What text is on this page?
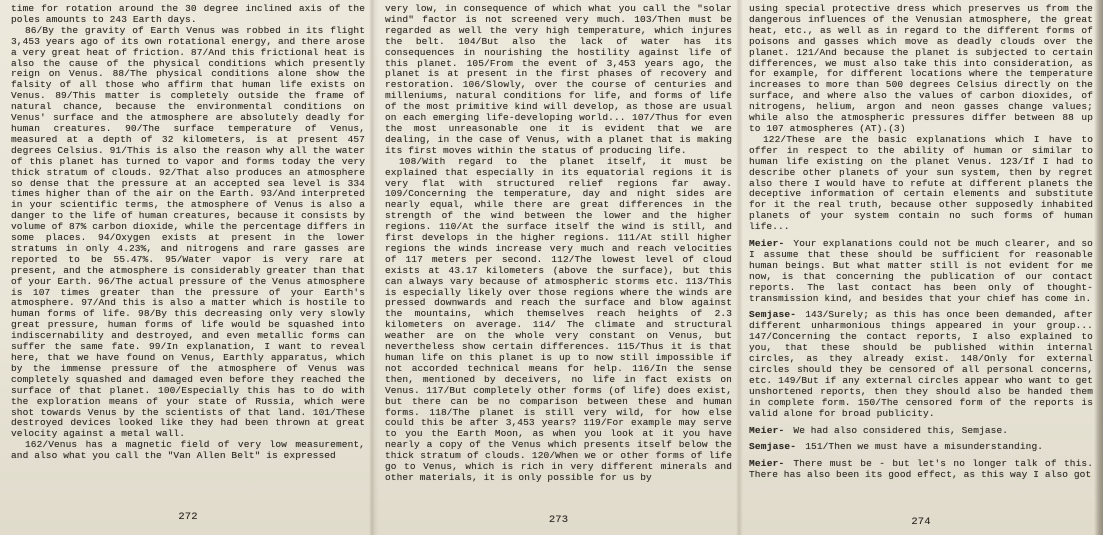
time for rotation around the 30 degree inclined axis of the poles amounts to 243 Earth days.

86/By the gravity of Earth Venus was robbed in its flight 3,453 years ago of its own rotational energy, and there arose a very great heat of friction. 87/And this frictional heat is also the cause of the physical conditions which presently reign on Venus. 88/The physical conditions alone show the falsity of all those who affirm that human life exists on Venus. 89/This matter is completely outside the frame of natural chance, because the environmental conditions on Venus' surface and the atmosphere are absolutely deadly for human creatures. 90/The surface temperature of Venus, measured at a depth of 32 kilometers, is at present 457 degrees Celsius. 91/This is also the reason why all the water of this planet has turned to vapor and forms today the very thick stratum of clouds. 92/That also produces an atmosphere so dense that the pressure at an accepted sea level is 334 times higher than of the air on the Earth. 93/And interpreted in your scientific terms, the atmosphere of Venus is also a danger to the life of human creatures, because it consists by volume of 87% carbon dioxide, while the percentage differs in some places. 94/Oxygen exists at present in the lower stratums in only 4.23%, and nitrogens and rare gasses are reported to be 55.47%. 95/Water vapor is very rare at present, and the atmosphere is considerably greater than that of your Earth. 96/The actual pressure of the Venus atmosphere is 107 times greater than the pressure of your Earth's atmosphere. 97/And this is also a matter which is hostile to human forms of life. 98/By this decreasing only very slowly great pressure, human forms of life would be squashed into indiscernability and destroyed, and even metallic forms can suffer the same fate. 99/In explanation, I want to reveal here, that we have found on Venus, Earthly apparatus, which by the immense pressure of the atmosphere of Venus was completely squashed and damaged even before they reached the surface of that planet. 100/Especially this has to do with the exploration means of your state of Russia, which were shot towards Venus by the scientists of that land. 101/These destroyed devices looked like they had been thrown at great velocity against a metal wall.

162/Venus has a magnetic field of very low measurement, and also what you call the "Van Allen Belt" is expressed

272

very low, in consequence of which what you call the "solar wind" factor is not screened very much. 103/Then must be regarded as well the very high temperature, which injures the belt. 104/But also the lack of water has its consequences in nourishing the hostility against life of this planet. 105/From the event of 3,453 years ago, the planet is at present in the first phases of recovery and restoration. 106/Slowly, over the course of centuries and milleniums, natural conditions for life, and forms of life of the most primitive kind will develop, as those are usual on each emerging life-developing world... 107/Thus for even the most unreasonable one it is evident that we are dealing, in the case of Venus, with a planet that is making its first moves within the status of producing life.

108/With regard to the planet itself, it must be explained that especially in its equatorial regions it is very flat with structured relief regions far away. 109/Concerning the temperature, day and night sides are nearly equal, while there are great differences in the strength of the wind between the lower and the higher regions. 110/At the surface itself the wind is still, and first develops in the higher regions. 111/At still higher regions the winds increase very much and reach velocities of 117 meters per second. 112/The lowest level of cloud exists at 43.17 kilometers (above the surface), but this can always vary because of atmospheric storms etc. 113/This is especially likely over those regions where the winds are pressed downwards and reach the surface and blow against the mountains, which themselves reach heights of 2.3 kilometers on average. 114/ The climate and structural weather are on the whole very constant on Venus, but nevertheless show certain differences. 115/Thus it is that human life on this planet is up to now still impossible if not accorded technical means for help. 116/In the sense then, mentioned by deceivers, no life in fact exists on Venus. 117/But completely other forms (of life) does exist, but there can be no comparison between these and human forms. 118/The planet is still very wild, for how else could this be after 3,453 years? 119/For example may serve to you the Earth Moon, as when you look at it you have nearly a copy of the Venus which presents itself below the thick stratum of clouds. 120/When we or other forms of life go to Venus, which is rich in very different minerals and other materials, it is only possible for us by

273

using special protective dress which preserves us from the dangerous influences of the Venusian atmosphere, the great heat, etc., as well as in regard to the different forms of poisons and gasses which move as deadly clouds over the planet. 121/And because the planet is subjected to certain differences, we must also take this into consideration, as for example, for different locations where the temperature increases to more than 500 degrees Celsius directly on the surface, and where also the values of carbon dioxides, of nitrogens, helium, argon and neon gasses change values; while also the atmospheric pressures differ between 88 up to 107 atmospheres (AT).(3)

122/These are the basic explanations which I have to offer in respect to the ability of human or similar to human life existing on the planet Venus. 123/If I had to describe other planets of your sun system, then by regret also there I would have to refute at different planets the deceptive information of certain elements and substitute for it the real truth, because other supposedly inhabited planets of your system contain no such forms of human life...

Meier- Your explanations could not be much clearer, and so I assume that these should be sufficient for reasonable human beings. But what matter still is not evident for me now, is that concerning the publication of our contact reports. The last contact has been only of thought-transmission kind, and besides that your chief has come in.

Semjase- 143/Surely; as this has once been demanded, after different unharmonious things appeared in your group... 147/Concerning the contact reports, I also explained to you, that these should be published within internal circles, as they already exist. 148/Only for external circles should they be censored of all personal concerns, etc. 149/But if any external circles appear who want to get unshortened reports, then they should also be handed them in complete form. 150/The censored form of the reports is valid alone for broad publicity.

Meier- We had also considered this, Semjase.

Semjase- 151/Then we must have a misunderstanding.

Meier- There must be - but let's no longer talk of this. There has also been its good effect, as this way I also got

274
